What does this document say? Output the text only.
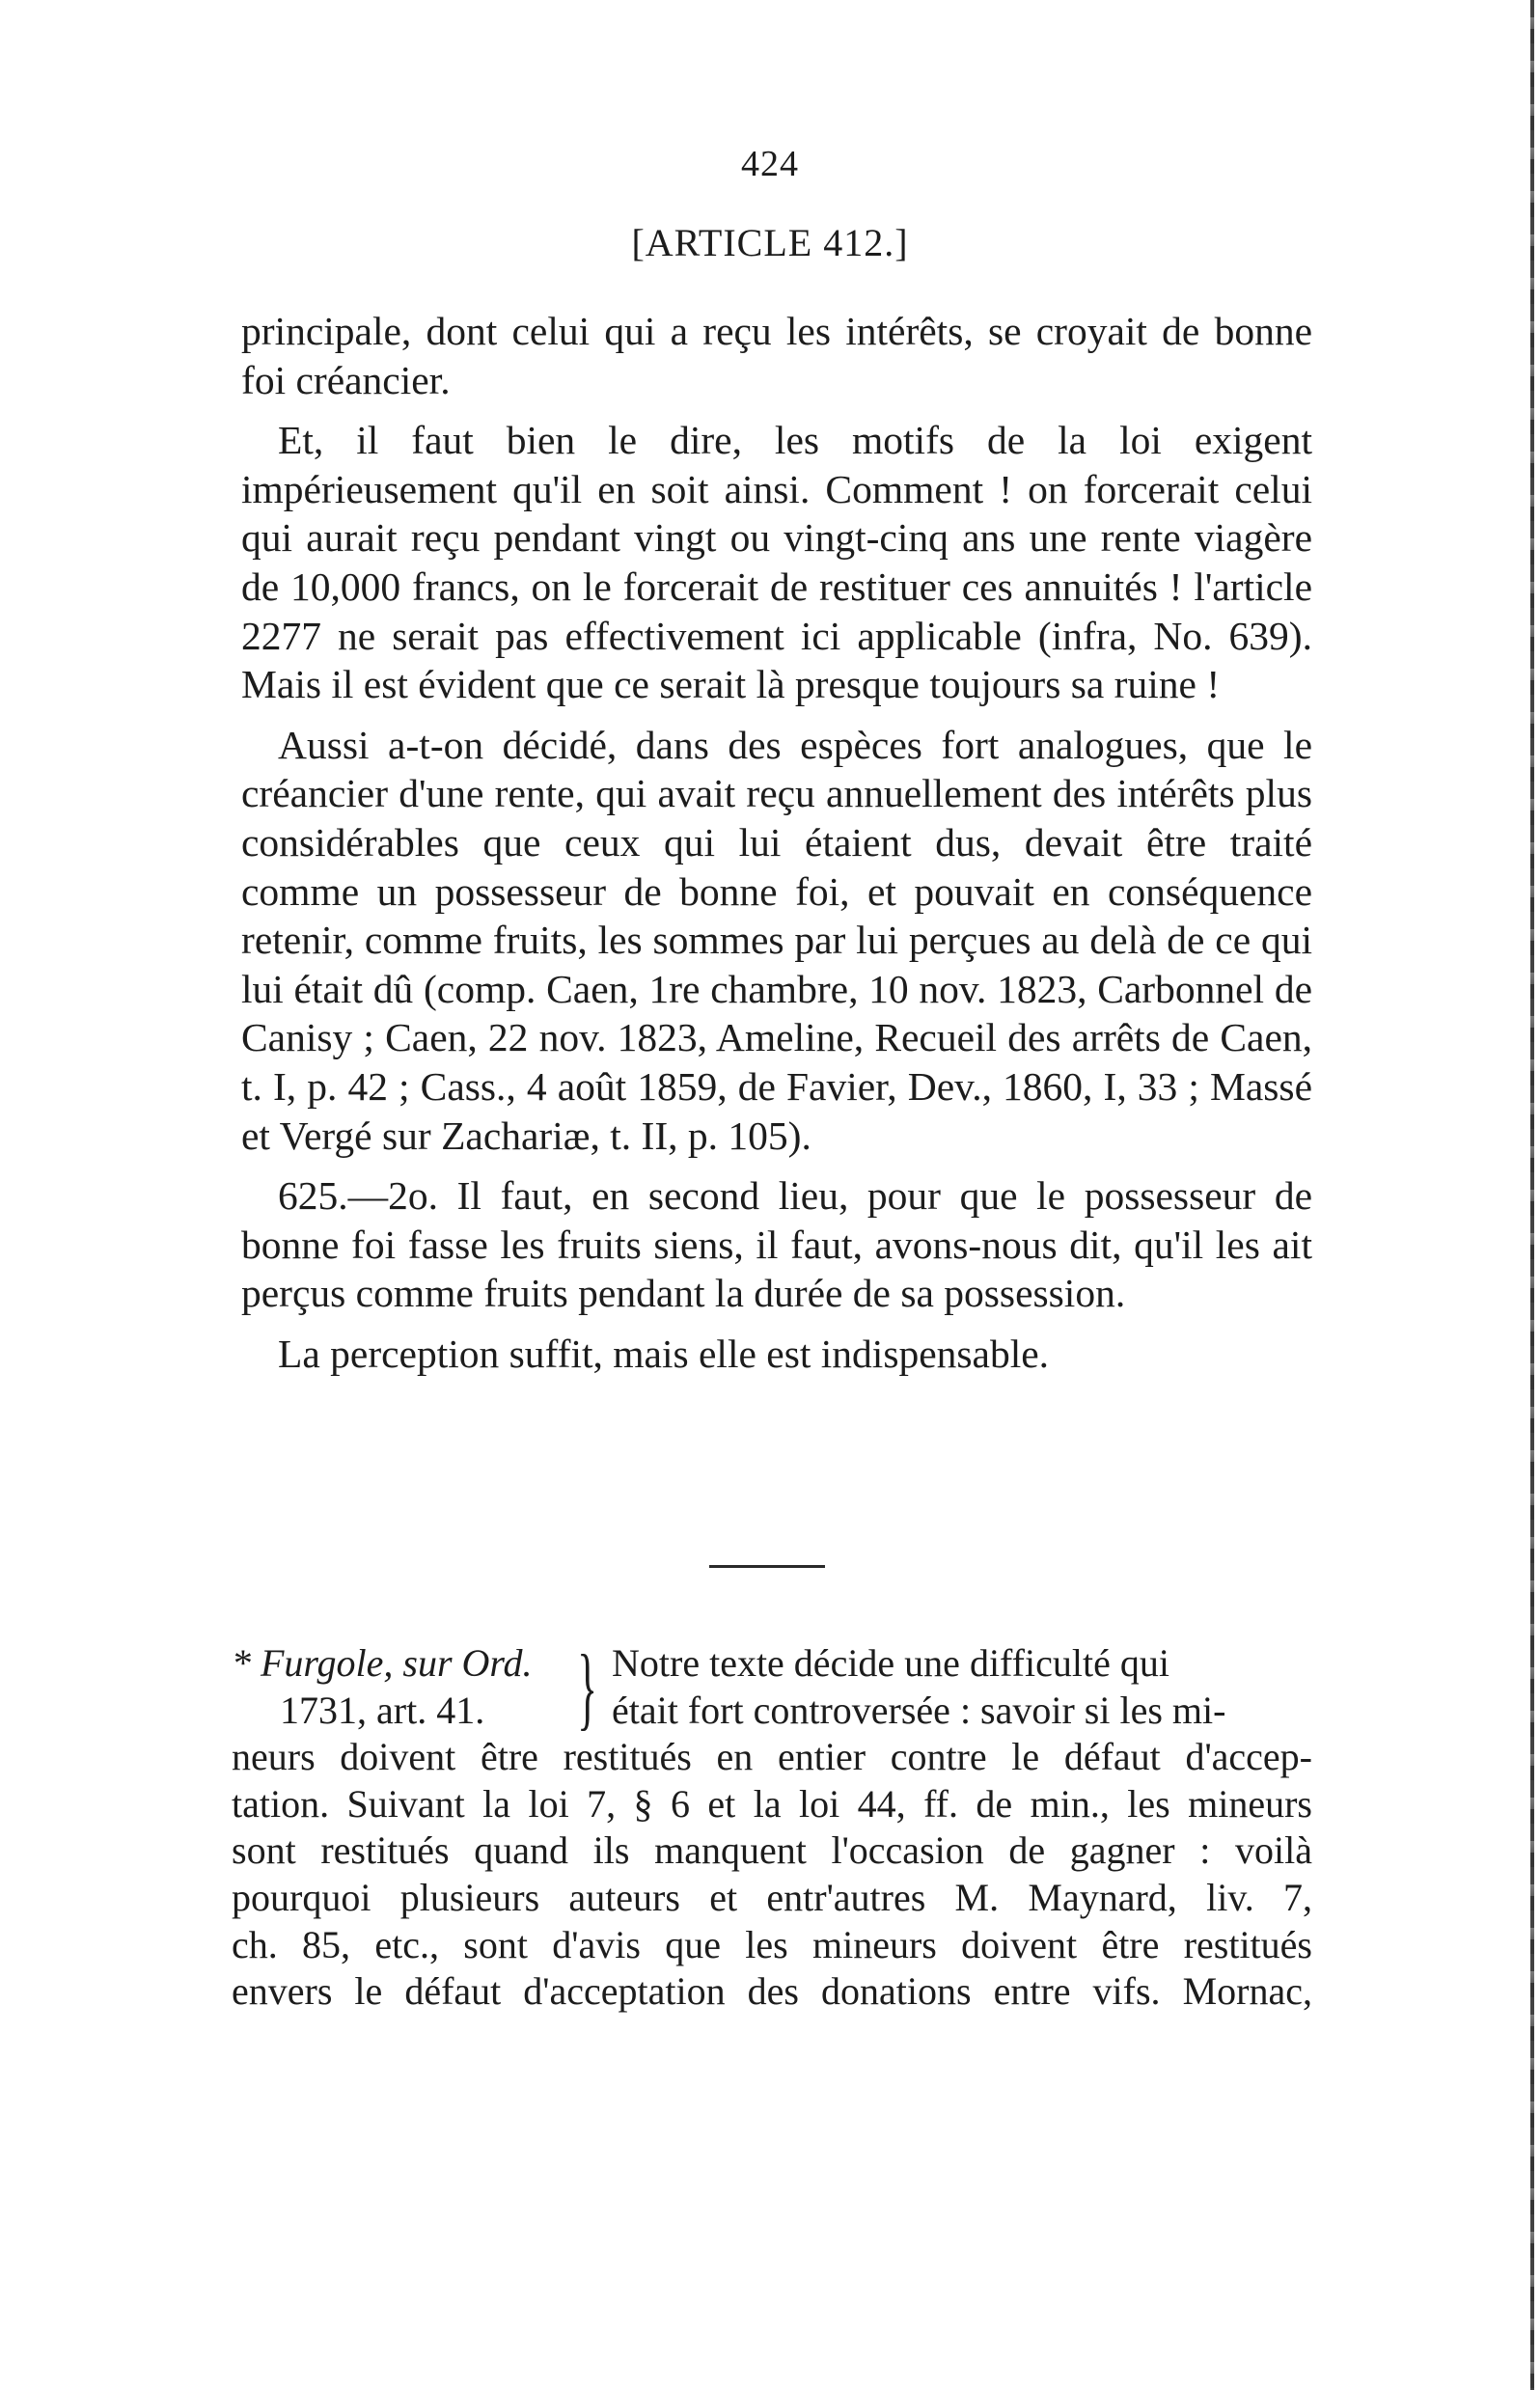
424
[ARTICLE 412.]

principale, dont celui qui a reçu les intérêts, se croyait de bonne foi créancier.

Et, il faut bien le dire, les motifs de la loi exigent impérieusement qu'il en soit ainsi. Comment ! on forcerait celui qui aurait reçu pendant vingt ou vingt-cinq ans une rente viagère de 10,000 francs, on le forcerait de restituer ces annuités ! l'article 2277 ne serait pas effectivement ici applicable (infra, No. 639). Mais il est évident que ce serait là presque toujours sa ruine !

Aussi a-t-on décidé, dans des espèces fort analogues, que le créancier d'une rente, qui avait reçu annuellement des intérêts plus considérables que ceux qui lui étaient dus, devait être traité comme un possesseur de bonne foi, et pouvait en conséquence retenir, comme fruits, les sommes par lui perçues au delà de ce qui lui était dû (comp. Caen, 1re chambre, 10 nov. 1823, Carbonnel de Canisy ; Caen, 22 nov. 1823, Ameline, Recueil des arrêts de Caen, t. I, p. 42 ; Cass., 4 août 1859, de Favier, Dev., 1860, I, 33 ; Massé et Vergé sur Zachariæ, t. II, p. 105).

625.—2o. Il faut, en second lieu, pour que le possesseur de bonne foi fasse les fruits siens, il faut, avons-nous dit, qu'il les ait perçus comme fruits pendant la durée de sa possession.

La perception suffit, mais elle est indispensable.

* Furgole, sur Ord.
1731, art. 41.	} Notre texte décide une difficulté qui
était fort controversée : savoir si les mi-
neurs doivent être restitués en entier contre le défaut d'accep-
tation. Suivant la loi 7, § 6 et la loi 44, ff. de min., les mineurs
sont restitués quand ils manquent l'occasion de gagner : voilà
pourquoi plusieurs auteurs et entr'autres M. Maynard, liv. 7,
ch. 85, etc., sont d'avis que les mineurs doivent être restitués
envers le défaut d'acceptation des donations entre vifs. Mornac,
